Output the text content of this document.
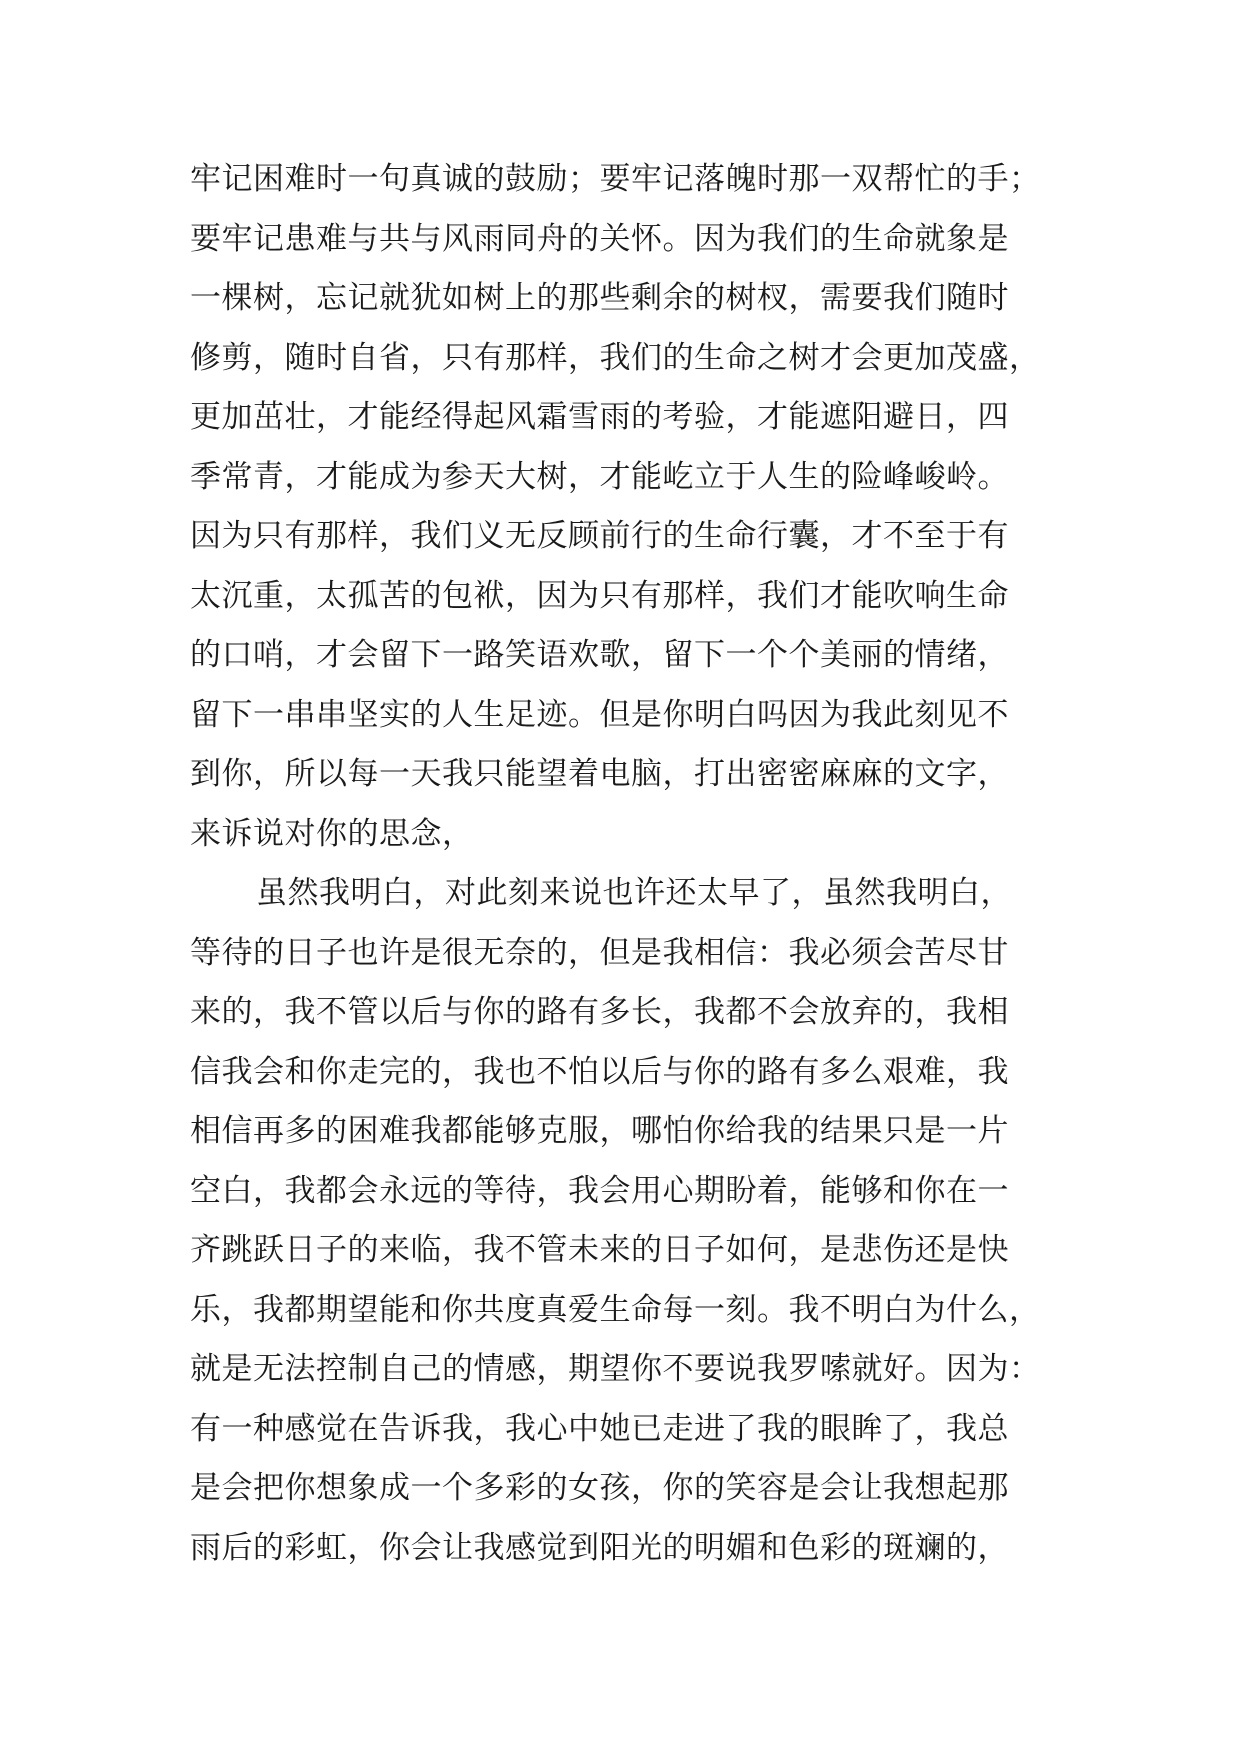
牢记困难时一句真诚的鼓励；要牢记落魄时那一双帮忙的手；
要牢记患难与共与风雨同舟的关怀。因为我们的生命就象是
一棵树，忘记就犹如树上的那些剩余的树杈，需要我们随时
修剪，随时自省，只有那样，我们的生命之树才会更加茂盛，
更加茁壮，才能经得起风霜雪雨的考验，才能遮阳避日，四
季常青，才能成为参天大树，才能屹立于人生的险峰峻岭。
因为只有那样，我们义无反顾前行的生命行囊，才不至于有
太沉重，太孤苦的包袱，因为只有那样，我们才能吹响生命
的口哨，才会留下一路笑语欢歌，留下一个个美丽的情绪，
留下一串串坚实的人生足迹。但是你明白吗因为我此刻见不
到你，所以每一天我只能望着电脑，打出密密麻麻的文字，
来诉说对你的思念，
虽然我明白，对此刻来说也许还太早了，虽然我明白，
等待的日子也许是很无奈的，但是我相信：我必须会苦尽甘
来的，我不管以后与你的路有多长，我都不会放弃的，我相
信我会和你走完的，我也不怕以后与你的路有多么艰难，我
相信再多的困难我都能够克服，哪怕你给我的结果只是一片
空白，我都会永远的等待，我会用心期盼着，能够和你在一
齐跳跃日子的来临，我不管未来的日子如何，是悲伤还是快
乐，我都期望能和你共度真爱生命每一刻。我不明白为什么，
就是无法控制自己的情感，期望你不要说我罗嗦就好。因为：
有一种感觉在告诉我，我心中她已走进了我的眼眸了，我总
是会把你想象成一个多彩的女孩，你的笑容是会让我想起那
雨后的彩虹，你会让我感觉到阳光的明媚和色彩的斑斓的，
